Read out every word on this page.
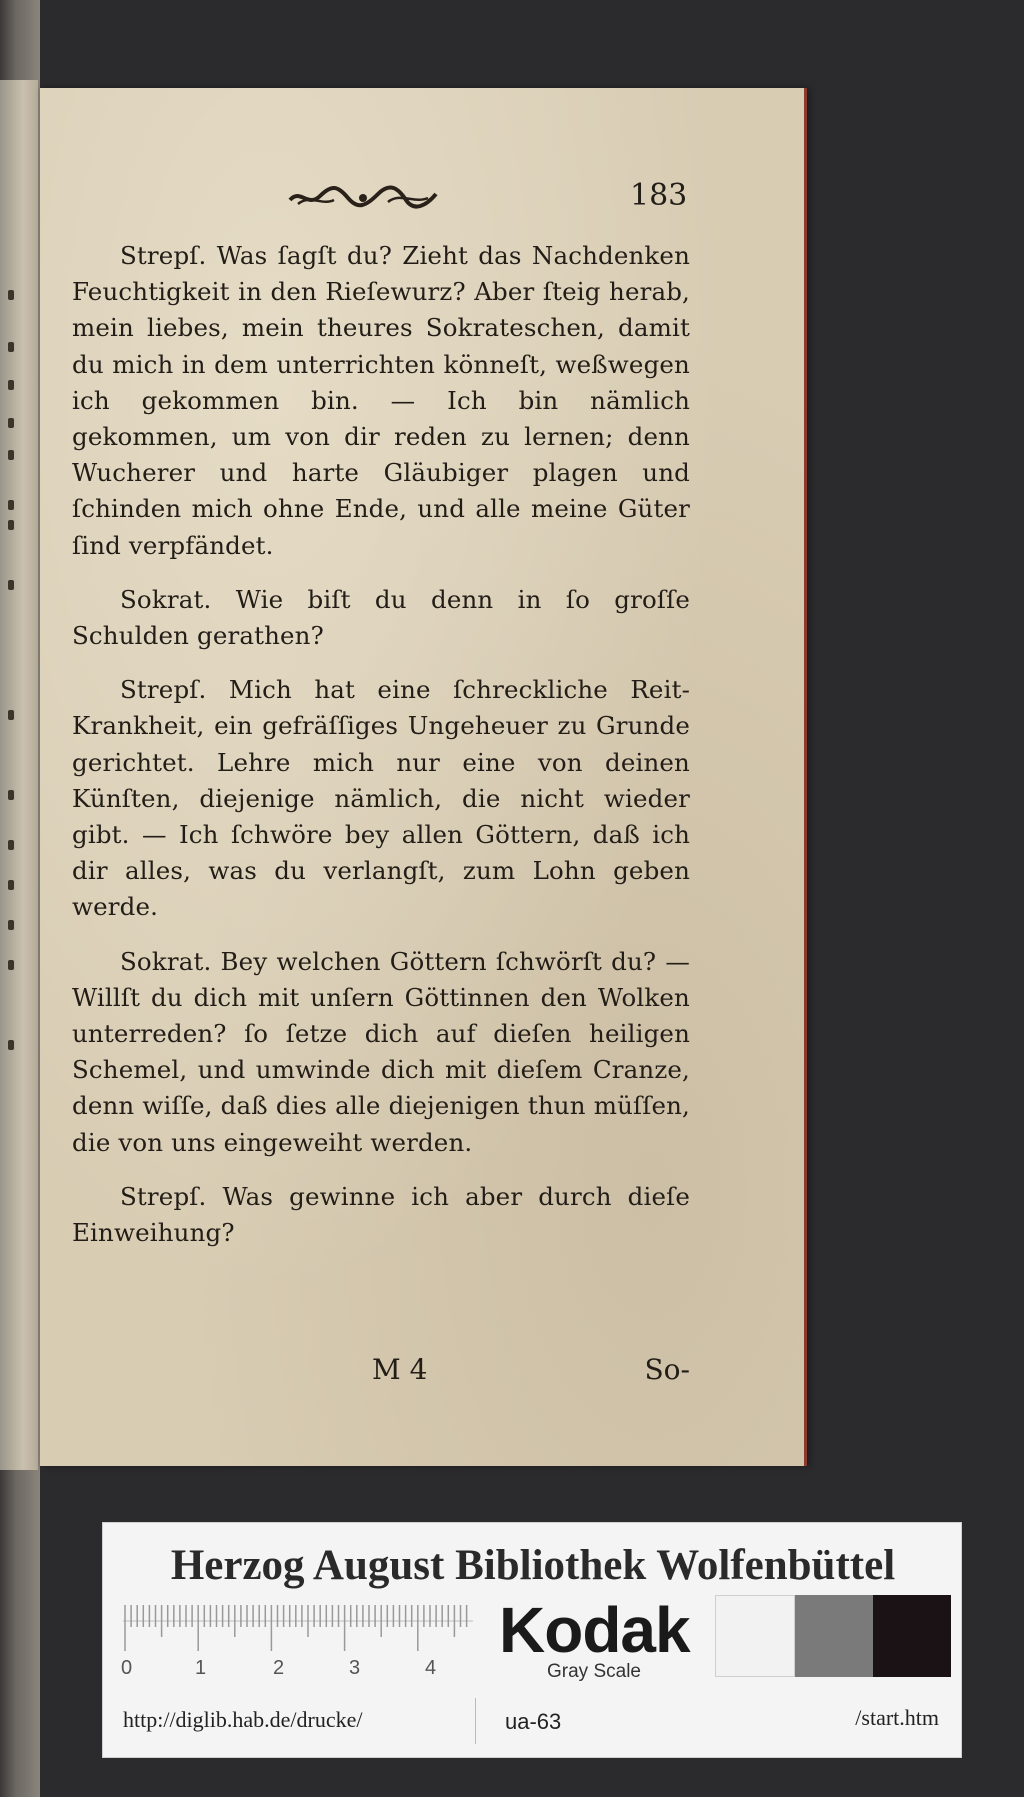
183

Strepſ. Was ſagſt du? Zieht das Nachdenken Feuchtigkeit in den Rieſewurz? Aber ſteig herab, mein liebes, mein theures Sokrateschen, damit du mich in dem unterrichten könneſt, weßwegen ich gekommen bin. — Ich bin nämlich gekommen, um von dir reden zu lernen; denn Wucherer und harte Gläubiger plagen und ſchinden mich ohne Ende, und alle meine Güter ſind verpfändet.

Sokrat. Wie biſt du denn in ſo groſſe Schulden gerathen?

Strepſ. Mich hat eine ſchreckliche Reit-Krankheit, ein gefräſſiges Ungeheuer zu Grunde gerichtet. Lehre mich nur eine von deinen Künſten, diejenige nämlich, die nicht wieder gibt. — Ich ſchwöre bey allen Göttern, daß ich dir alles, was du verlangſt, zum Lohn geben werde.

Sokrat. Bey welchen Göttern ſchwörſt du? — Willſt du dich mit unſern Göttinnen den Wolken unterreden? ſo ſetze dich auf dieſen heiligen Schemel, und umwinde dich mit dieſem Cranze, denn wiſſe, daß dies alle diejenigen thun müſſen, die von uns eingeweiht werden.

Strepſ. Was gewinne ich aber durch dieſe Einweihung?

M 4	So-
Herzog August Bibliothek Wolfenbüttel
0	1	2	3	4
Kodak
Gray Scale
http://diglib.hab.de/drucke/	ua-63	/start.htm
